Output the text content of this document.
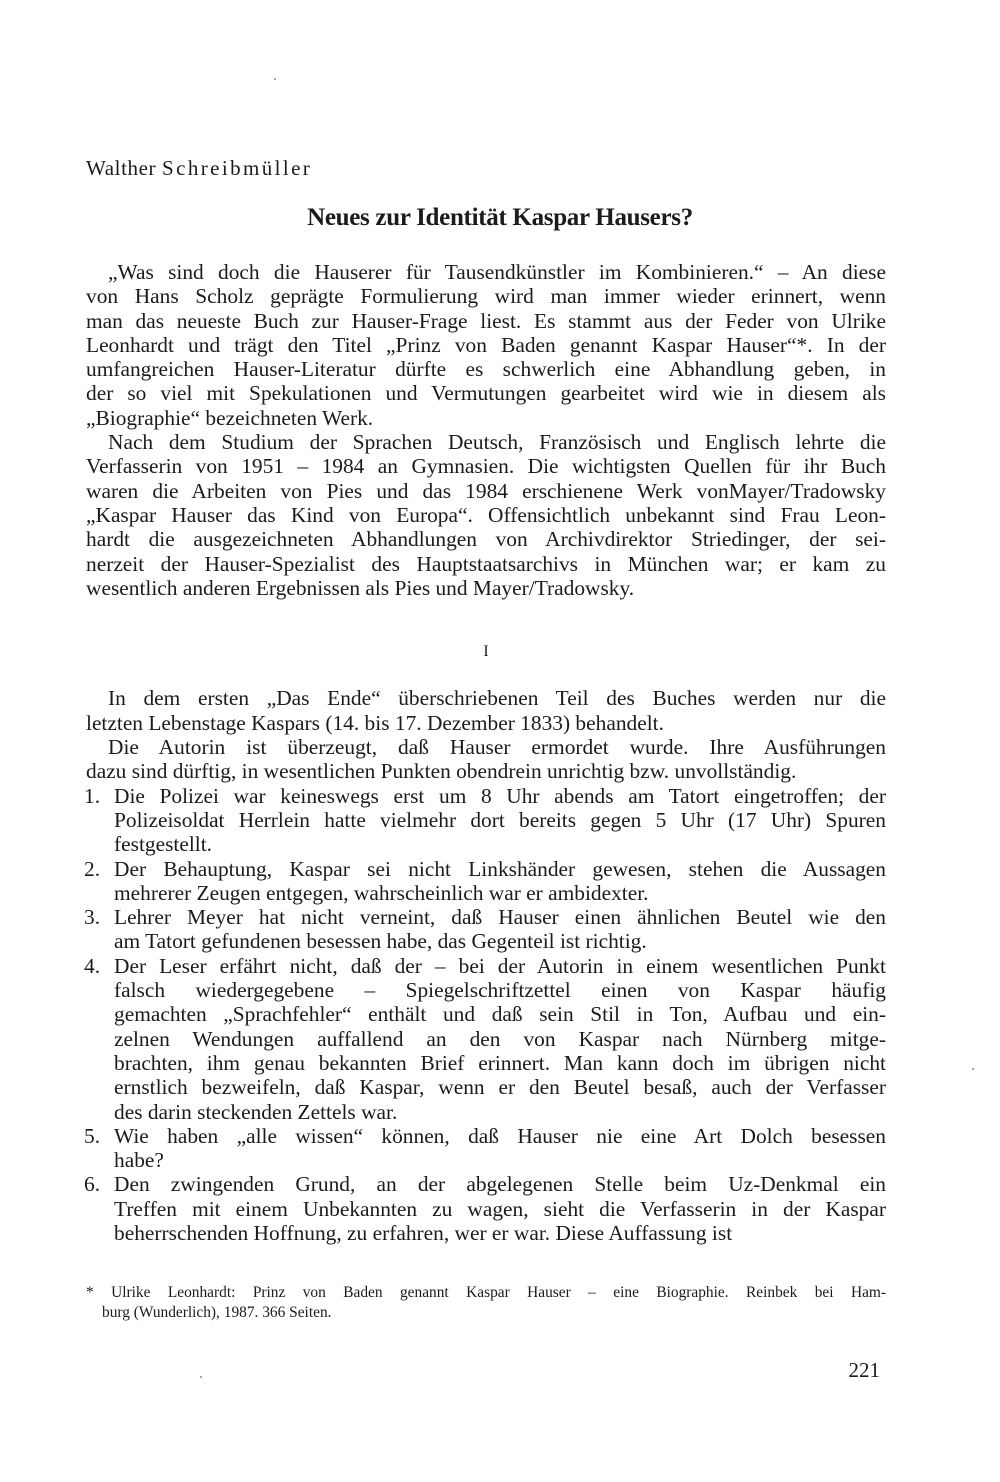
Walther Schreibmüller

Neues zur Identität Kaspar Hausers?
„Was sind doch die Hauserer für Tausendkünstler im Kombinieren.“ – An diese
von Hans Scholz geprägte Formulierung wird man immer wieder erinnert, wenn
man das neueste Buch zur Hauser-Frage liest. Es stammt aus der Feder von Ulrike
Leonhardt und trägt den Titel „Prinz von Baden genannt Kaspar Hauser“*. In der
umfangreichen Hauser-Literatur dürfte es schwerlich eine Abhandlung geben, in
der so viel mit Spekulationen und Vermutungen gearbeitet wird wie in diesem als
„Biographie“ bezeichneten Werk.
Nach dem Studium der Sprachen Deutsch, Französisch und Englisch lehrte die
Verfasserin von 1951 – 1984 an Gymnasien. Die wichtigsten Quellen für ihr Buch
waren die Arbeiten von Pies und das 1984 erschienene Werk vonMayer/Tradowsky
„Kaspar Hauser das Kind von Europa“. Offensichtlich unbekannt sind Frau Leon-
hardt die ausgezeichneten Abhandlungen von Archivdirektor Striedinger, der sei-
nerzeit der Hauser-Spezialist des Hauptstaatsarchivs in München war; er kam zu
wesentlich anderen Ergebnissen als Pies und Mayer/Tradowsky.
I
In dem ersten „Das Ende“ überschriebenen Teil des Buches werden nur die
letzten Lebenstage Kaspars (14. bis 17. Dezember 1833) behandelt.
Die Autorin ist überzeugt, daß Hauser ermordet wurde. Ihre Ausführungen
dazu sind dürftig, in wesentlichen Punkten obendrein unrichtig bzw. unvollständig.
1. Die Polizei war keineswegs erst um 8 Uhr abends am Tatort eingetroffen; der
Polizeisoldat Herrlein hatte vielmehr dort bereits gegen 5 Uhr (17 Uhr) Spuren
festgestellt.
2. Der Behauptung, Kaspar sei nicht Linkshänder gewesen, stehen die Aussagen
mehrerer Zeugen entgegen, wahrscheinlich war er ambidexter.
3. Lehrer Meyer hat nicht verneint, daß Hauser einen ähnlichen Beutel wie den
am Tatort gefundenen besessen habe, das Gegenteil ist richtig.
4. Der Leser erfährt nicht, daß der – bei der Autorin in einem wesentlichen Punkt
falsch wiedergegebene – Spiegelschriftzettel einen von Kaspar häufig
gemachten „Sprachfehler“ enthält und daß sein Stil in Ton, Aufbau und ein-
zelnen Wendungen auffallend an den von Kaspar nach Nürnberg mitge-
brachten, ihm genau bekannten Brief erinnert. Man kann doch im übrigen nicht
ernstlich bezweifeln, daß Kaspar, wenn er den Beutel besaß, auch der Verfasser
des darin steckenden Zettels war.
5. Wie haben „alle wissen“ können, daß Hauser nie eine Art Dolch besessen
habe?
6. Den zwingenden Grund, an der abgelegenen Stelle beim Uz-Denkmal ein
Treffen mit einem Unbekannten zu wagen, sieht die Verfasserin in der Kaspar
beherrschenden Hoffnung, zu erfahren, wer er war. Diese Auffassung ist
* Ulrike Leonhardt: Prinz von Baden genannt Kaspar Hauser – eine Biographie. Reinbek bei Ham-
burg (Wunderlich), 1987. 366 Seiten.
221
